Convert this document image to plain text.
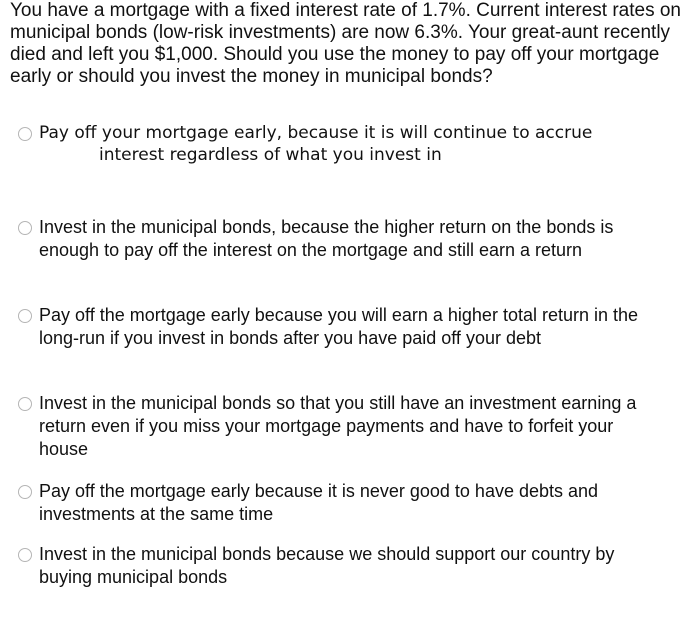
You have a mortgage with a fixed interest rate of 1.7%. Current interest rates on municipal bonds (low-risk investments) are now 6.3%. Your great-aunt recently died and left you $1,000. Should you use the money to pay off your mortgage early or should you invest the money in municipal bonds?

Pay off your mortgage early, because it is will continue to accrue
interest regardless of what you invest in
Invest in the municipal bonds, because the higher return on the bonds is enough to pay off the interest on the mortgage and still earn a return
Pay off the mortgage early because you will earn a higher total return in the long-run if you invest in bonds after you have paid off your debt
Invest in the municipal bonds so that you still have an investment earning a return even if you miss your mortgage payments and have to forfeit your house
Pay off the mortgage early because it is never good to have debts and investments at the same time
Invest in the municipal bonds because we should support our country by buying municipal bonds
